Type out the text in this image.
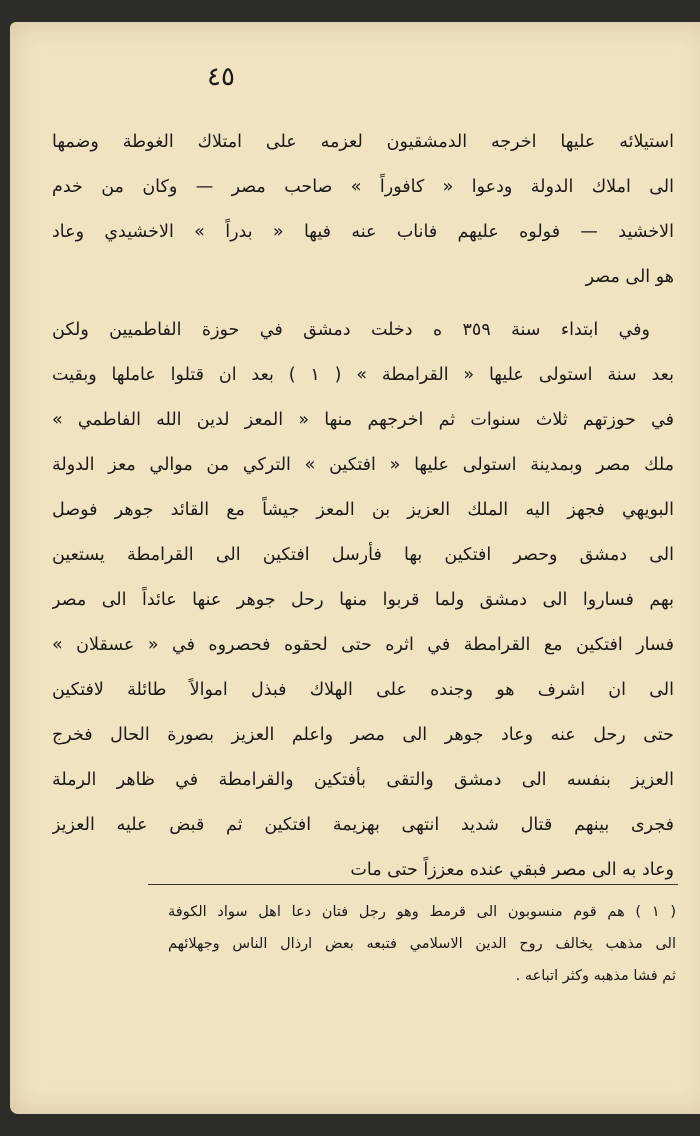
٤٥
استيلائه عليها اخرجه الدمشقيون لعزمه على امتلاك الغوطة وضمها
الى املاك الدولة ودعوا « كافوراً » صاحب مصر — وكان من خدم
الاخشيد — فولوه عليهم فاناب عنه فيها « بدراً » الاخشيدي وعاد
هو الى مصر
وفي ابتداء سنة ٣٥٩ ه دخلت دمشق في حوزة الفاطميين ولكن
بعد سنة استولى عليها « القرامطة » ( ١ ) بعد ان قتلوا عاملها وبقيت
في حوزتهم ثلاث سنوات ثم اخرجهم منها « المعز لدين الله الفاطمي »
ملك مصر وبمدينة استولى عليها « افتكين » التركي من موالي معز الدولة
البويهي فجهز اليه الملك العزيز بن المعز جيشاً مع القائد جوهر فوصل
الى دمشق وحصر افتكين بها فأرسل افتكين الى القرامطة يستعين
بهم فساروا الى دمشق ولما قربوا منها رحل جوهر عنها عائداً الى مصر
فسار افتكين مع القرامطة في اثره حتى لحقوه فحصروه في « عسقلان »
الى ان اشرف هو وجنده على الهلاك فبذل اموالاً طائلة لافتكين
حتى رحل عنه وعاد جوهر الى مصر واعلم العزيز بصورة الحال فخرج
العزيز بنفسه الى دمشق والتقى بأفتكين والقرامطة في ظاهر الرملة
فجرى بينهم قتال شديد انتهى بهزيمة افتكين ثم قبض عليه العزيز
وعاد به الى مصر فبقي عنده معززاً حتى مات
( ١ ) هم قوم منسوبون الى قرمط وهو رجل فتان دعا اهل سواد الكوفة
الى مذهب يخالف روح الدين الاسلامي فتبعه بعض ارذال الناس وجهلائهم
ثم فشا مذهبه وكثر اتباعه .
